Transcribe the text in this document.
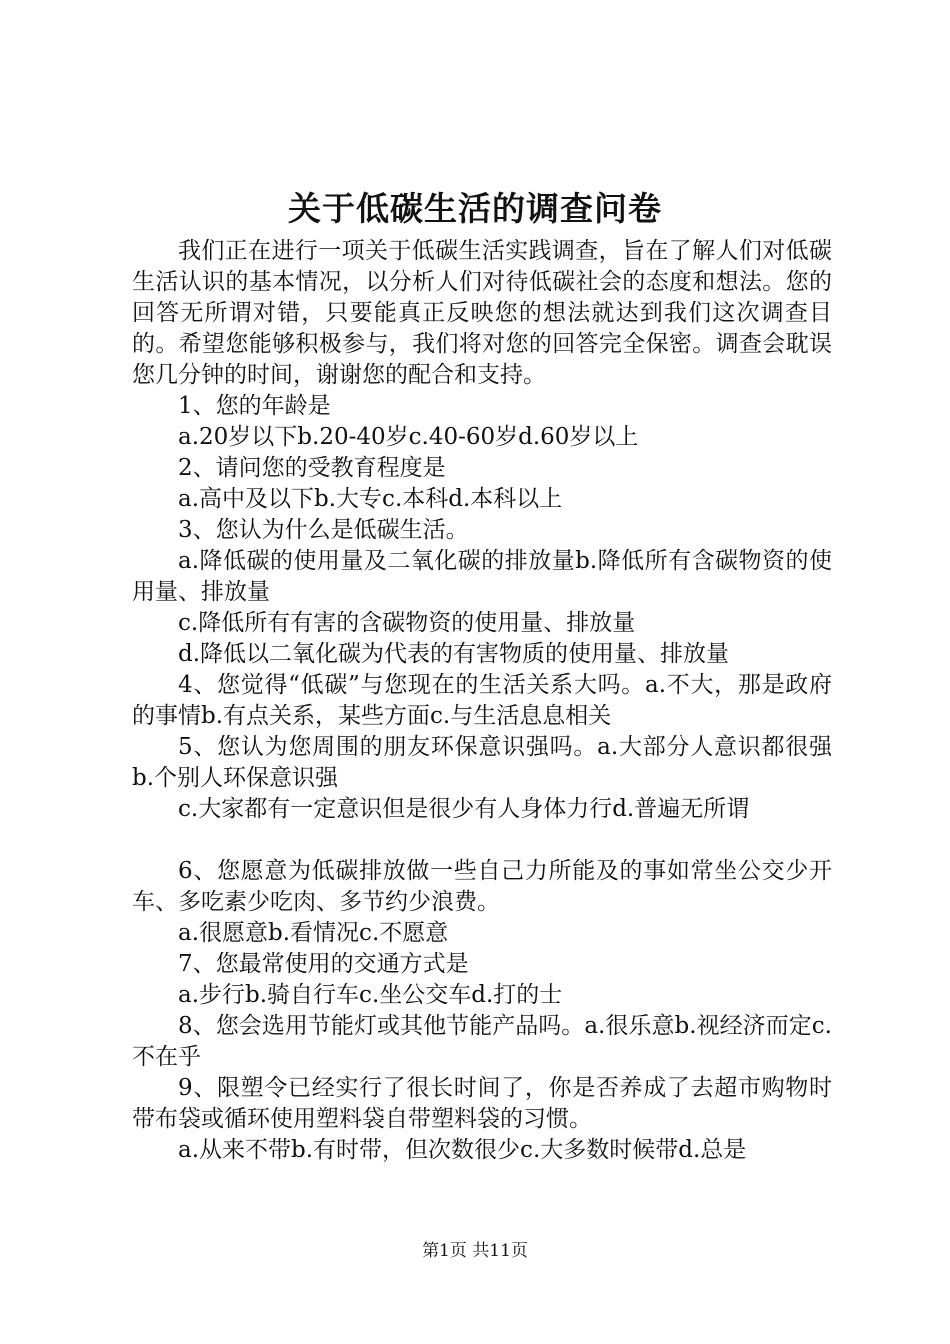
关于低碳生活的调查问卷

我们正在进行一项关于低碳生活实践调查，旨在了解人们对低碳生活认识的基本情况，以分析人们对待低碳社会的态度和想法。您的回答无所谓对错，只要能真正反映您的想法就达到我们这次调查目的。希望您能够积极参与，我们将对您的回答完全保密。调查会耽误您几分钟的时间，谢谢您的配合和支持。

1、您的年龄是

a.20岁以下b.20-40岁c.40-60岁d.60岁以上

2、请问您的受教育程度是

a.高中及以下b.大专c.本科d.本科以上

3、您认为什么是低碳生活。

a.降低碳的使用量及二氧化碳的排放量b.降低所有含碳物资的使用量、排放量

c.降低所有有害的含碳物资的使用量、排放量

d.降低以二氧化碳为代表的有害物质的使用量、排放量

4、您觉得“低碳”与您现在的生活关系大吗。a.不大，那是政府的事情b.有点关系，某些方面c.与生活息息相关

5、您认为您周围的朋友环保意识强吗。a.大部分人意识都很强b.个别人环保意识强

c.大家都有一定意识但是很少有人身体力行d.普遍无所谓

6、您愿意为低碳排放做一些自己力所能及的事如常坐公交少开车、多吃素少吃肉、多节约少浪费。

a.很愿意b.看情况c.不愿意

7、您最常使用的交通方式是

a.步行b.骑自行车c.坐公交车d.打的士

8、您会选用节能灯或其他节能产品吗。a.很乐意b.视经济而定c.不在乎

9、限塑令已经实行了很长时间了，你是否养成了去超市购物时带布袋或循环使用塑料袋自带塑料袋的习惯。

a.从来不带b.有时带，但次数很少c.大多数时候带d.总是

第1页 共11页
